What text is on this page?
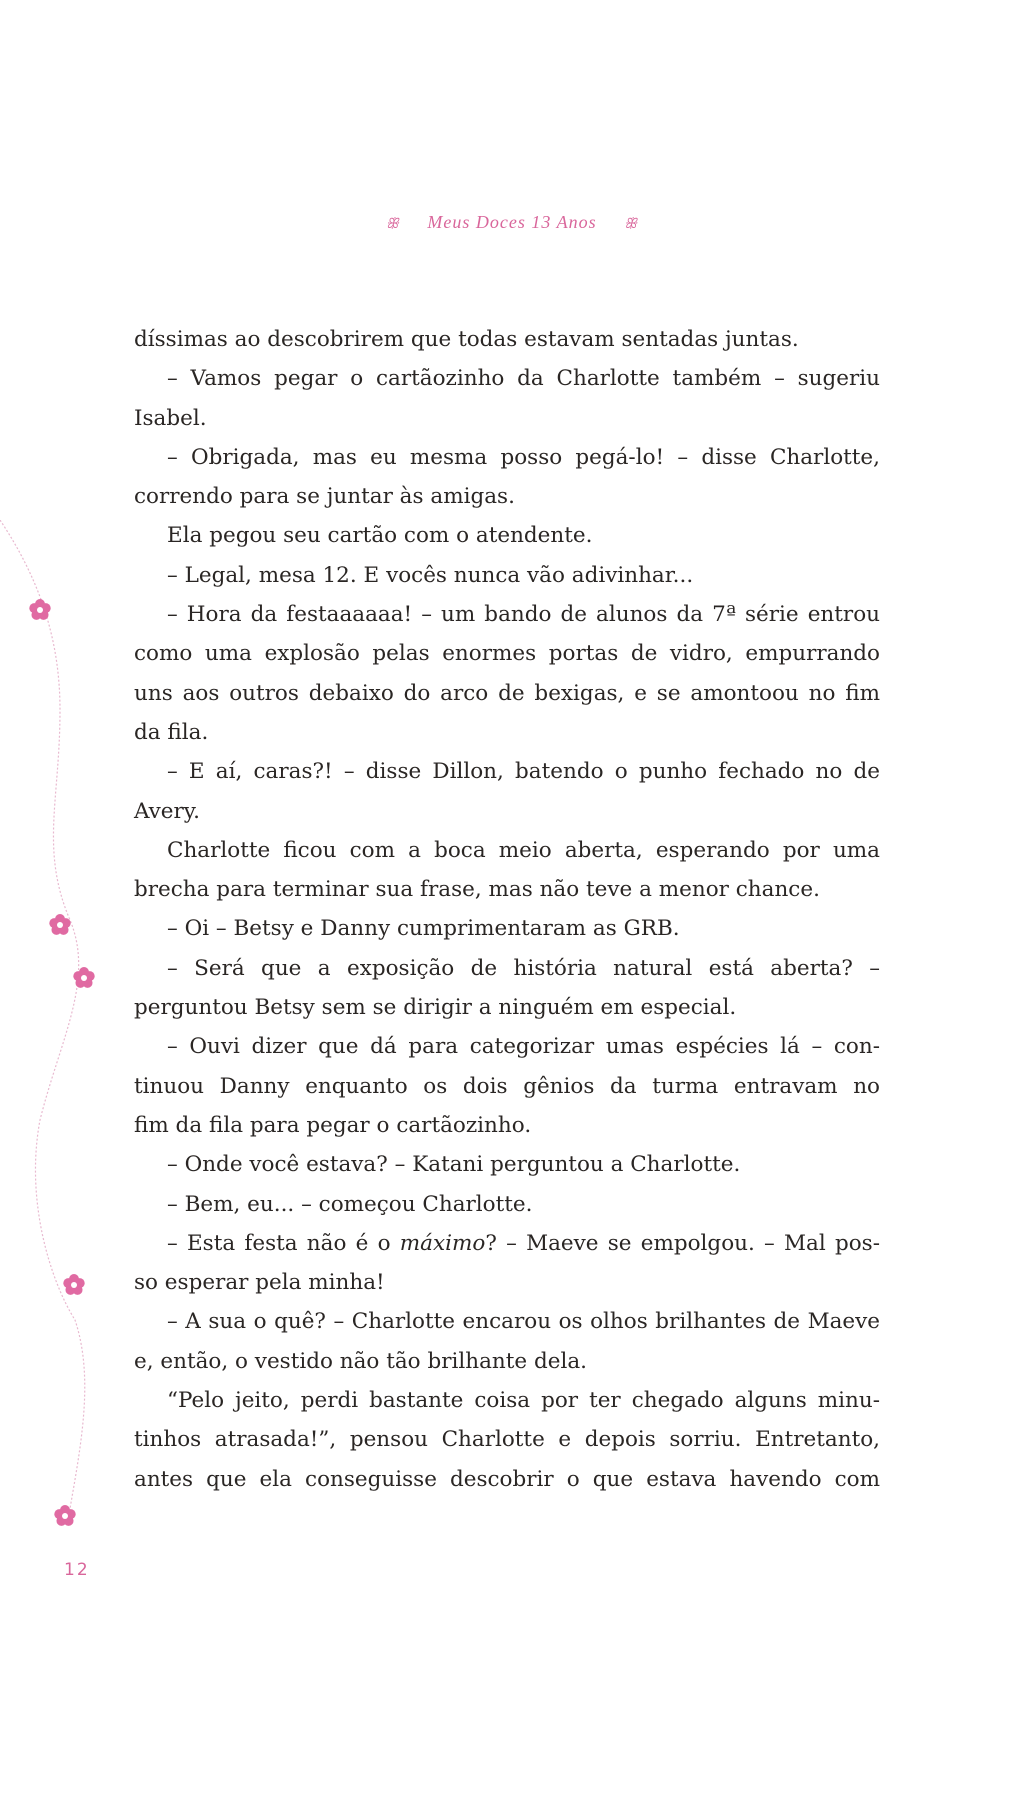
ꕥ Meus Doces 13 Anos ꕥ
díssimas ao descobrirem que todas estavam sentadas juntas.
– Vamos pegar o cartãozinho da Charlotte também – sugeriu
Isabel.
– Obrigada, mas eu mesma posso pegá-lo! – disse Charlotte,
correndo para se juntar às amigas.
Ela pegou seu cartão com o atendente.
– Legal, mesa 12. E vocês nunca vão adivinhar...
– Hora da festaaaaaa! – um bando de alunos da 7ª série entrou
como uma explosão pelas enormes portas de vidro, empurrando
uns aos outros debaixo do arco de bexigas, e se amontoou no fim
da fila.
– E aí, caras?! – disse Dillon, batendo o punho fechado no de
Avery.
Charlotte ficou com a boca meio aberta, esperando por uma
brecha para terminar sua frase, mas não teve a menor chance.
– Oi – Betsy e Danny cumprimentaram as GRB.
– Será que a exposição de história natural está aberta? –
perguntou Betsy sem se dirigir a ninguém em especial.
– Ouvi dizer que dá para categorizar umas espécies lá – con-
tinuou Danny enquanto os dois gênios da turma entravam no
fim da fila para pegar o cartãozinho.
– Onde você estava? – Katani perguntou a Charlotte.
– Bem, eu... – começou Charlotte.
– Esta festa não é o máximo? – Maeve se empolgou. – Mal pos-
so esperar pela minha!
– A sua o quê? – Charlotte encarou os olhos brilhantes de Maeve
e, então, o vestido não tão brilhante dela.
“Pelo jeito, perdi bastante coisa por ter chegado alguns minu-
tinhos atrasada!”, pensou Charlotte e depois sorriu. Entretanto,
antes que ela conseguisse descobrir o que estava havendo com
12
